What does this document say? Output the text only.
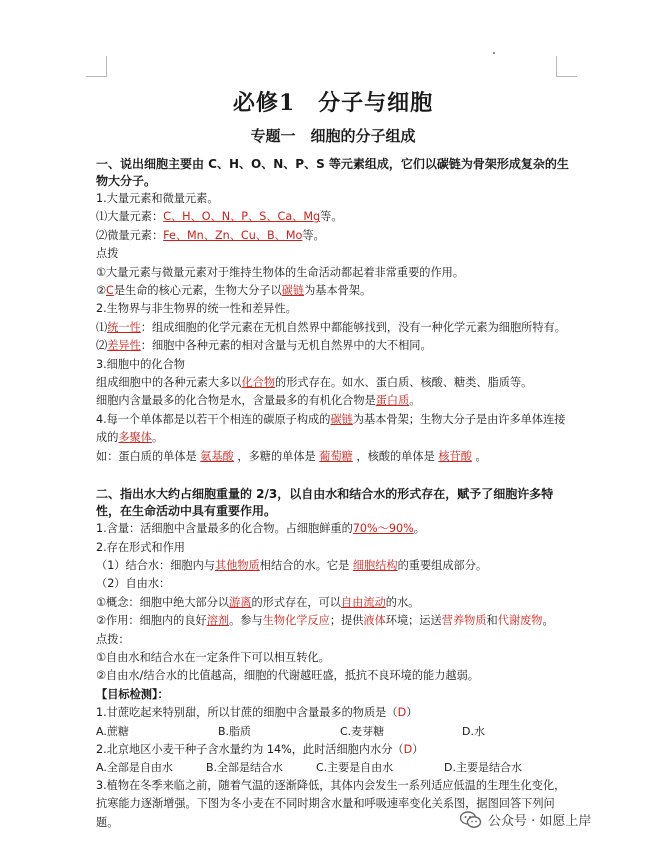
必修1　分子与细胞
专题一　细胞的分子组成
一、说出细胞主要由 C、H、O、N、P、S 等元素组成，它们以碳链为骨架形成复杂的生物大分子。
1.大量元素和微量元素。
⑴大量元素：C、H、O、N、P、S、Ca、Mg等。
⑵微量元素：Fe、Mn、Zn、Cu、B、Mo等。
点拨
①大量元素与微量元素对于维持生物体的生命活动都起着非常重要的作用。
②C是生命的核心元素，生物大分子以碳链为基本骨架。
2.生物界与非生物界的统一性和差异性。
⑴统一性：组成细胞的化学元素在无机自然界中都能够找到，没有一种化学元素为细胞所特有。
⑵差异性：细胞中各种元素的相对含量与无机自然界中的大不相同。
3.细胞中的化合物
组成细胞中的各种元素大多以化合物的形式存在。如水、蛋白质、核酸、糖类、脂质等。
细胞内含量最多的化合物是水，含量最多的有机化合物是蛋白质。
4.每一个单体都是以若干个相连的碳原子构成的碳链为基本骨架；生物大分子是由许多单体连接成的多聚体。
如：蛋白质的单体是 氨基酸 ，多糖的单体是 葡萄糖 ，核酸的单体是 核苷酸 。
二、指出水大约占细胞重量的 2/3，以自由水和结合水的形式存在，赋予了细胞许多特性，在生命活动中具有重要作用。
1.含量：活细胞中含量最多的化合物。占细胞鲜重的70%～90%。
2.存在形式和作用
（1）结合水：细胞内与其他物质相结合的水。它是 细胞结构的重要组成部分。
（2）自由水：
①概念：细胞中绝大部分以游离的形式存在，可以自由流动的水。
②作用：细胞内的良好溶剂。参与生物化学反应；提供液体环境；运送营养物质和代谢废物。
点拨：
①自由水和结合水在一定条件下可以相互转化。
②自由水/结合水的比值越高，细胞的代谢越旺盛，抵抗不良环境的能力越弱。
【目标检测】：
1.甘蔗吃起来特别甜，所以甘蔗的细胞中含量最多的物质是（D）
A.蔗糖	B.脂质	C.麦芽糖	D.水
2.北京地区小麦干种子含水量约为 14%，此时活细胞内水分（D）
A.全部是自由水	B.全部是结合水	C.主要是自由水	D.主要是结合水
3.植物在冬季来临之前，随着气温的逐渐降低，其体内会发生一系列适应低温的生理生化变化，抗寒能力逐渐增强。下图为冬小麦在不同时期含水量和呼吸速率变化关系图，据图回答下列问题。	公众号 · 如愿上岸
